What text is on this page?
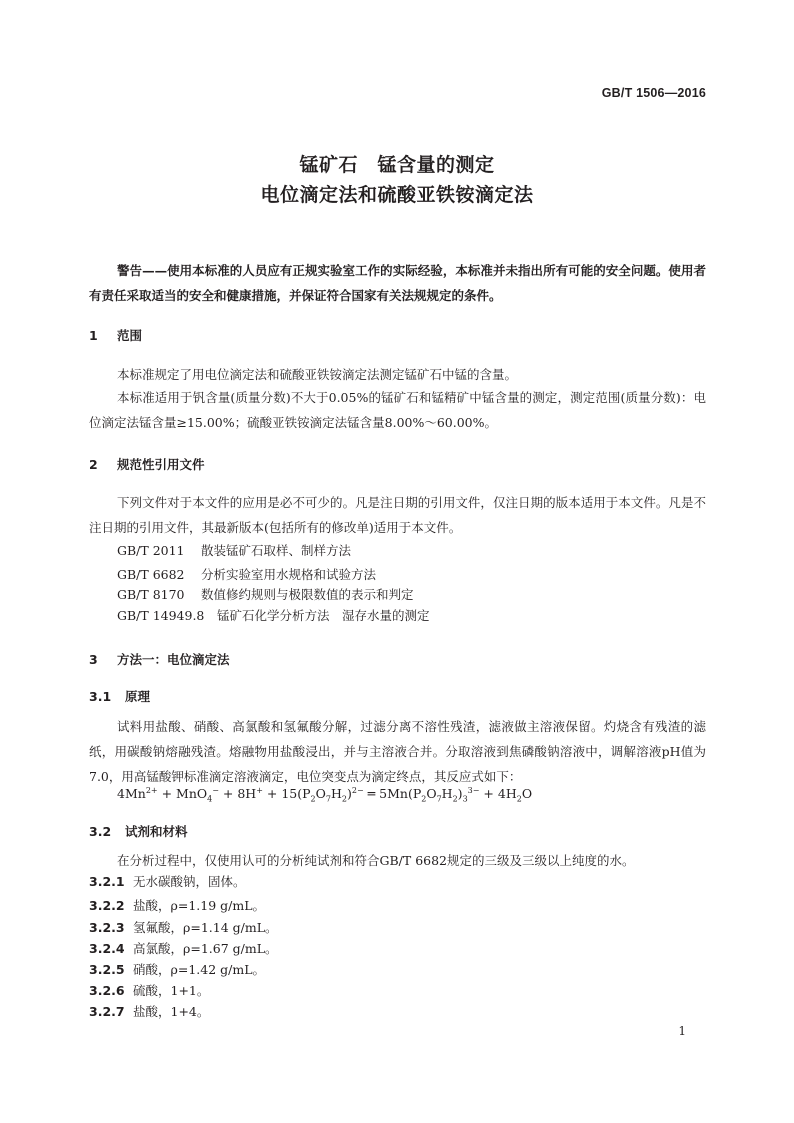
GB/T 1506—2016
锰矿石　锰含量的测定
电位滴定法和硫酸亚铁铵滴定法
警告——使用本标准的人员应有正规实验室工作的实际经验，本标准并未指出所有可能的安全问题。使用者有责任采取适当的安全和健康措施，并保证符合国家有关法规规定的条件。
1 范围
本标准规定了用电位滴定法和硫酸亚铁铵滴定法测定锰矿石中锰的含量。
本标准适用于钒含量(质量分数)不大于0.05%的锰矿石和锰精矿中锰含量的测定，测定范围(质量分数)：电位滴定法锰含量≥15.00%；硫酸亚铁铵滴定法锰含量8.00%～60.00%。
2 规范性引用文件
下列文件对于本文件的应用是必不可少的。凡是注日期的引用文件，仅注日期的版本适用于本文件。凡是不注日期的引用文件，其最新版本(包括所有的修改单)适用于本文件。
GB/T 2011 散装锰矿石取样、制样方法
GB/T 6682 分析实验室用水规格和试验方法
GB/T 8170 数值修约规则与极限数值的表示和判定
GB/T 14949.8 锰矿石化学分析方法　湿存水量的测定
3 方法一：电位滴定法
3.1 原理
试料用盐酸、硝酸、高氯酸和氢氟酸分解，过滤分离不溶性残渣，滤液做主溶液保留。灼烧含有残渣的滤纸，用碳酸钠熔融残渣。熔融物用盐酸浸出，并与主溶液合并。分取溶液到焦磷酸钠溶液中，调解溶液pH值为7.0，用高锰酸钾标准滴定溶液滴定，电位突变点为滴定终点，其反应式如下：
$4Mn^{2+} + MnO_4^- + 8H^+ + 15(P_2O_7H_2)^{2-}$ ═ $5Mn(P_2O_7H_2)_3^{3-} + 4H_2O$
3.2 试剂和材料
在分析过程中，仅使用认可的分析纯试剂和符合GB/T 6682规定的三级及三级以上纯度的水。
3.2.1 无水碳酸钠，固体。
3.2.2 盐酸，ρ=1.19 g/mL。
3.2.3 氢氟酸，ρ=1.14 g/mL。
3.2.4 高氯酸，ρ=1.67 g/mL。
3.2.5 硝酸，ρ=1.42 g/mL。
3.2.6 硫酸，1+1。
3.2.7 盐酸，1+4。
1
